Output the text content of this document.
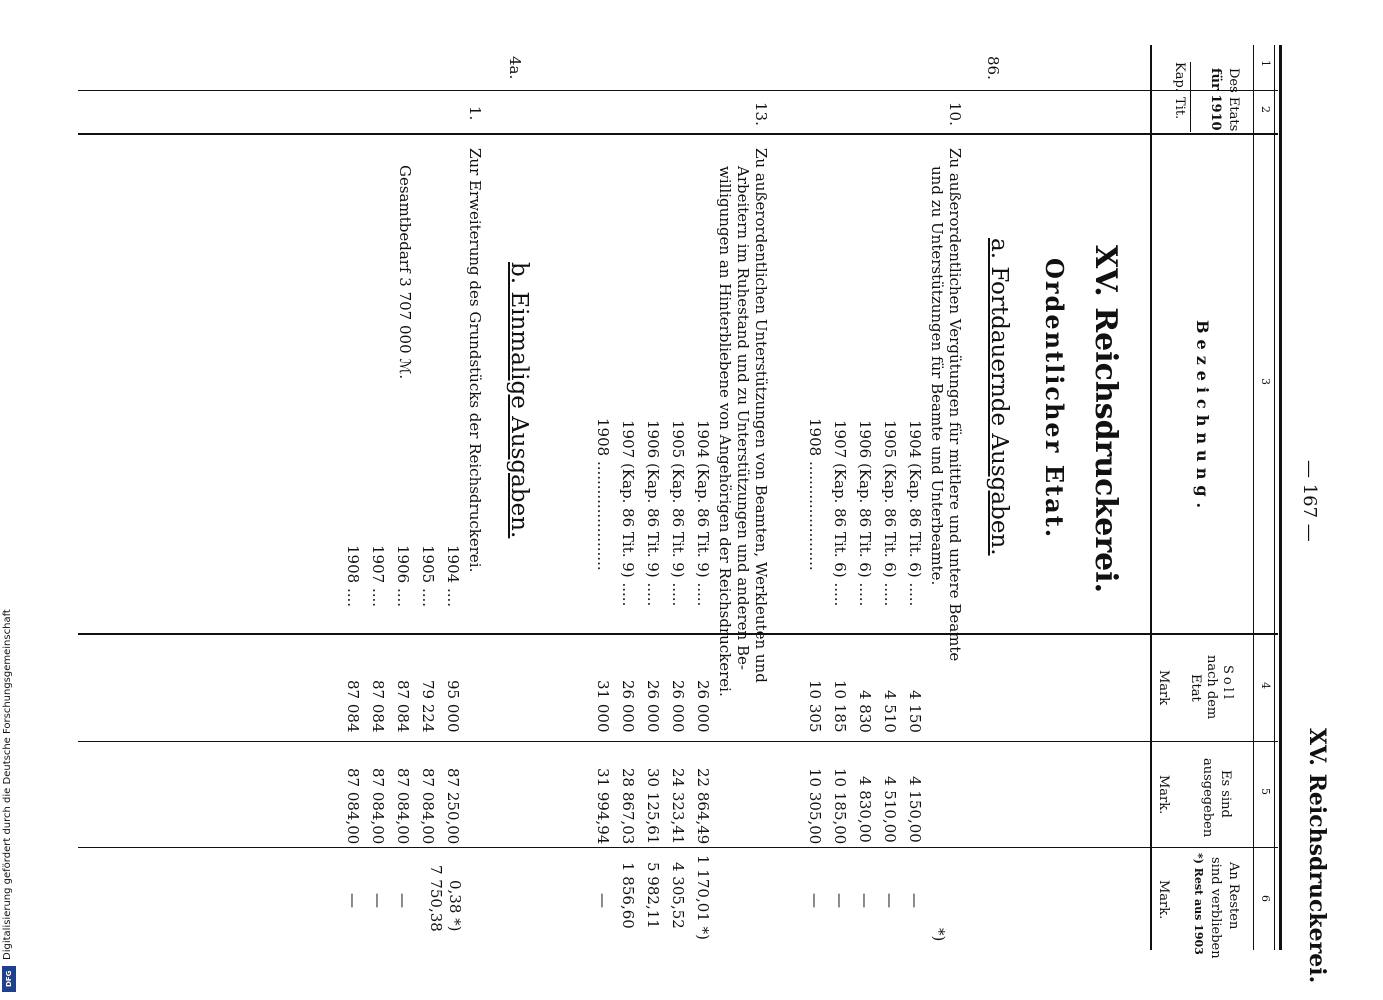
— 167 —
XV. Reichsdruckerei.
1
2
3
4
5
6
Des Etats
für 1910
Kap.
Tit.
Bezeichnung.
Soll
nach dem
Etat
Mark
Es sind
ausgegeben
Mark.
An Resten
sind verblieben
*) Rest aus 1903
Mark.
XV. Reichsdruckerei.
Ordentlicher Etat.
a. Fortdauernde Ausgaben.
86.
10.
Zu außerordentlichen Vergütungen für mittlere und untere Beamte
und zu Unterstützungen für Beamte und Unterbeamte.
*)
1904 (Kap. 86 Tit. 6) .....
4 150
4 150,00
—
1905 (Kap. 86 Tit. 6) .....
4 510
4 510,00
—
1906 (Kap. 86 Tit. 6) .....
4 830
4 830,00
—
1907 (Kap. 86 Tit. 6) .....
10 185
10 185,00
—
1908 .......................
10 305
10 305,00
—
13.
Zu außerordentlichen Unterstützungen von Beamten, Werkleuten und
Arbeitern im Ruhestand und zu Unterstützungen und anderen Be-
willigungen an Hinterbliebene von Angehörigen der Reichsdruckerei.
1904 (Kap. 86 Tit. 9) .....
26 000
22 864,49
1 170,01 *)
1905 (Kap. 86 Tit. 9) .....
26 000
24 323,41
4 305,52
1906 (Kap. 86 Tit. 9) .....
26 000
30 125,61
5 982,11
1907 (Kap. 86 Tit. 9) .....
26 000
28 867,03
1 856,60
1908 .......................
31 000
31 994,94
—
b. Einmalige Ausgaben.
4a.
1.
Zur Erweiterung des Grundstücks der Reichsdruckerei.
1904 ....
95 000
87 250,00
0,38 *)
1905 ....
79 224
87 084,00
7 750,38
1906 ....
87 084
87 084,00
—
1907 ....
87 084
87 084,00
—
1908 ....
87 084
87 084,00
—
Gesamtbedarf 3 707 000 ℳ.
Digitalisierung gefördert durch die Deutsche Forschungsgemeinschaft
DFG
